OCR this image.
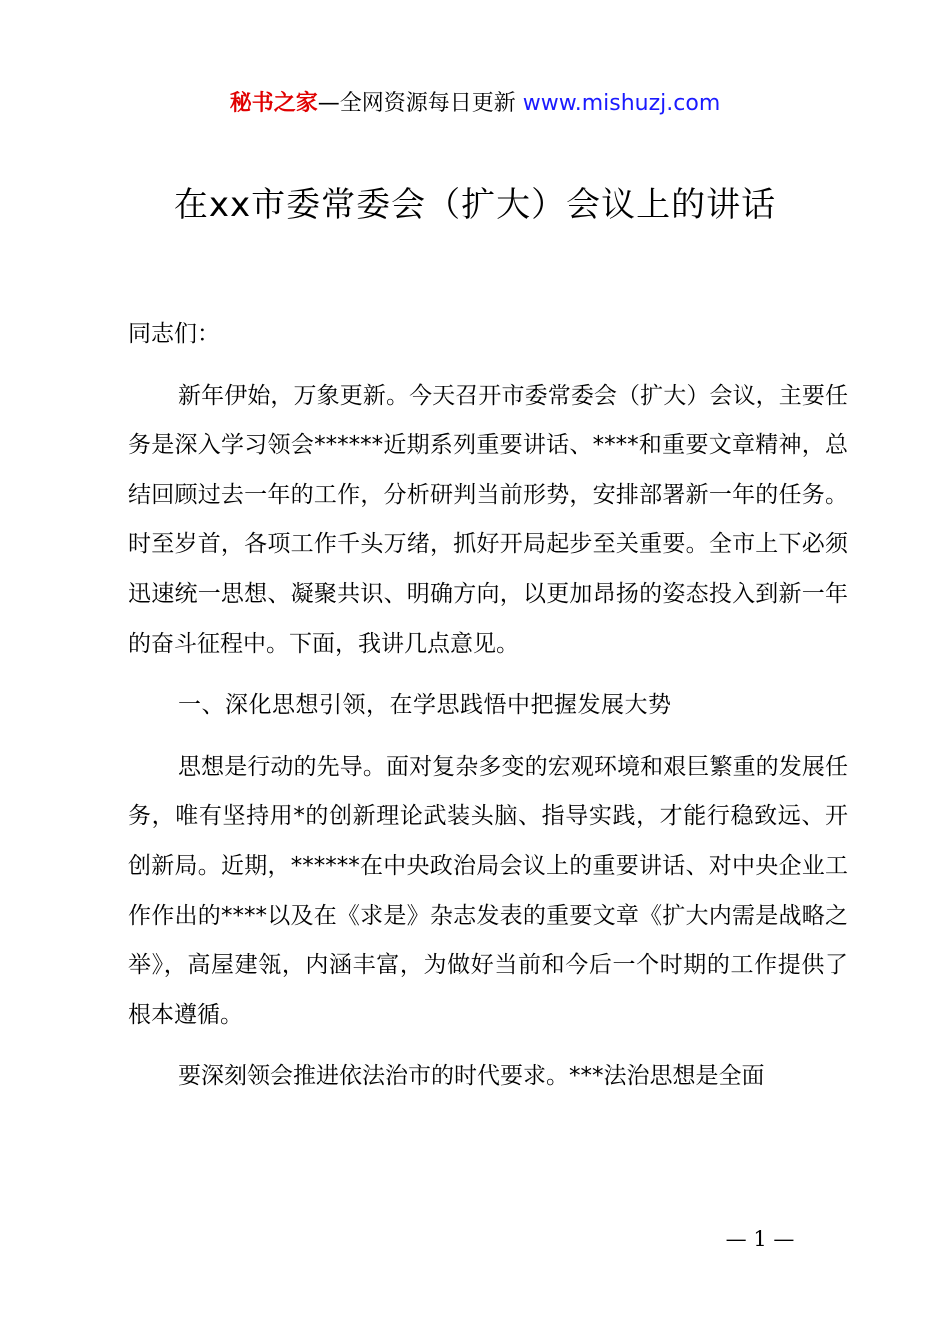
秘书之家—全网资源每日更新 www.mishuzj.com
在xx市委常委会（扩大）会议上的讲话

同志们：

新年伊始，万象更新。今天召开市委常委会（扩大）会议，主要任务是深入学习领会******近期系列重要讲话、****和重要文章精神，总结回顾过去一年的工作，分析研判当前形势，安排部署新一年的任务。时至岁首，各项工作千头万绪，抓好开局起步至关重要。全市上下必须迅速统一思想、凝聚共识、明确方向，以更加昂扬的姿态投入到新一年的奋斗征程中。下面，我讲几点意见。

一、深化思想引领，在学思践悟中把握发展大势

思想是行动的先导。面对复杂多变的宏观环境和艰巨繁重的发展任务，唯有坚持用*的创新理论武装头脑、指导实践，才能行稳致远、开创新局。近期，******在中央政治局会议上的重要讲话、对中央企业工作作出的****以及在《求是》杂志发表的重要文章《扩大内需是战略之举》，高屋建瓴，内涵丰富，为做好当前和今后一个时期的工作提供了根本遵循。

要深刻领会推进依法治市的时代要求。***法治思想是全面

— 1 —
